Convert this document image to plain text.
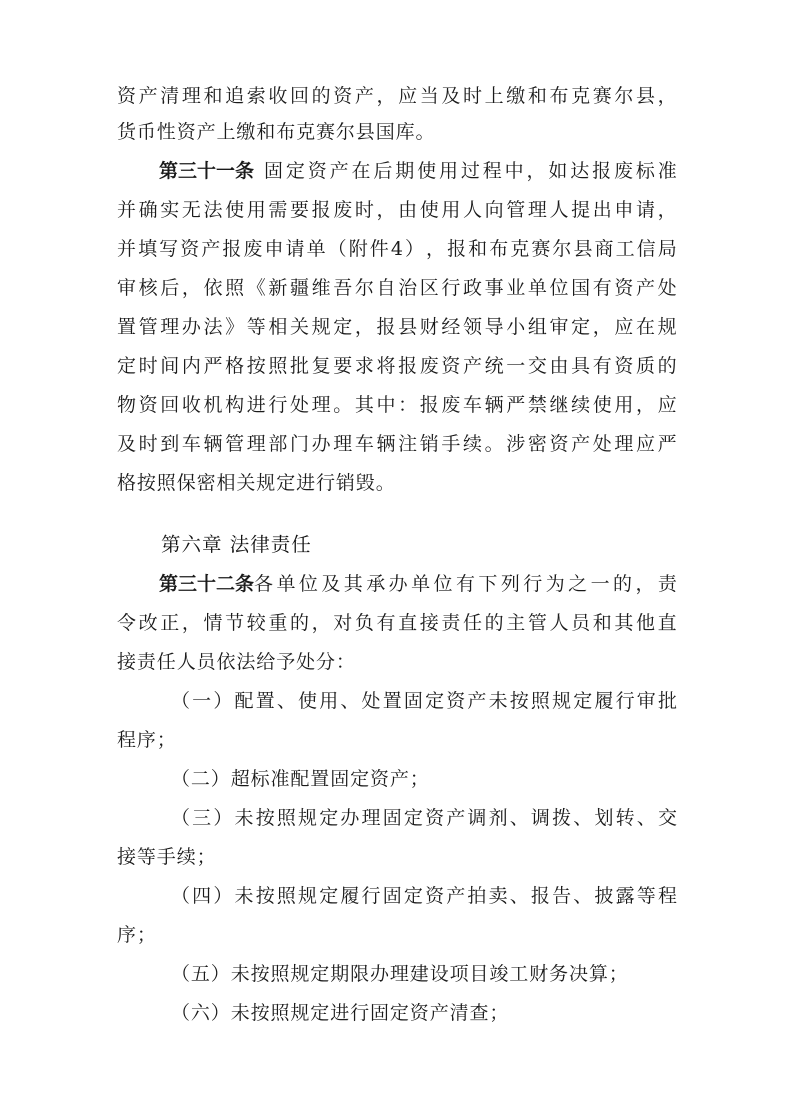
资 产 清 理 和 追 索 收 回 的 资 产 ， 应 当 及 时 上 缴 和 布 克 赛 尔 县 ，
货币性资产上缴和布克赛尔县国库。
第三十一条 固 定 资 产 在 后 期 使 用 过 程 中 ， 如 达 报 废 标 准
并 确 实 无 法 使 用 需 要 报 废 时 ， 由 使 用 人 向 管 理 人 提 出 申 请 ，
并 填 写 资 产 报 废 申 请 单 （ 附 件 4 ） ， 报 和 布 克 赛 尔 县 商 工 信 局
审 核 后 ， 依 照 《 新 疆 维 吾 尔 自 治 区 行 政 事 业 单 位 国 有 资 产 处
置 管 理 办 法 》 等 相 关 规 定 ， 报 县 财 经 领 导 小 组 审 定 ， 应 在 规
定 时 间 内 严 格 按 照 批 复 要 求 将 报 废 资 产 统 一 交 由 具 有 资 质 的
物 资 回 收 机 构 进 行 处 理 。 其 中 ： 报 废 车 辆 严 禁 继 续 使 用 ， 应
及 时 到 车 辆 管 理 部 门 办 理 车 辆 注 销 手 续 。 涉 密 资 产 处 理 应 严
格按照保密相关规定进行销毁。
第六章 法律责任
第三十二条 各 单 位 及 其 承 办 单 位 有 下 列 行 为 之 一 的 ， 责
令 改 正 ， 情 节 较 重 的 ， 对 负 有 直 接 责 任 的 主 管 人 员 和 其 他 直
接责任人员依法给予处分：
（ 一 ） 配 置 、 使 用 、 处 置 固 定 资 产 未 按 照 规 定 履 行 审 批
程序；
（二）超标准配置固定资产；
（ 三 ） 未 按 照 规 定 办 理 固 定 资 产 调 剂 、 调 拨 、 划 转 、 交
接等手续；
（ 四 ） 未 按 照 规 定 履 行 固 定 资 产 拍 卖 、 报 告 、 披 露 等 程
序；
（五）未按照规定期限办理建设项目竣工财务决算；
（六）未按照规定进行固定资产清查；
